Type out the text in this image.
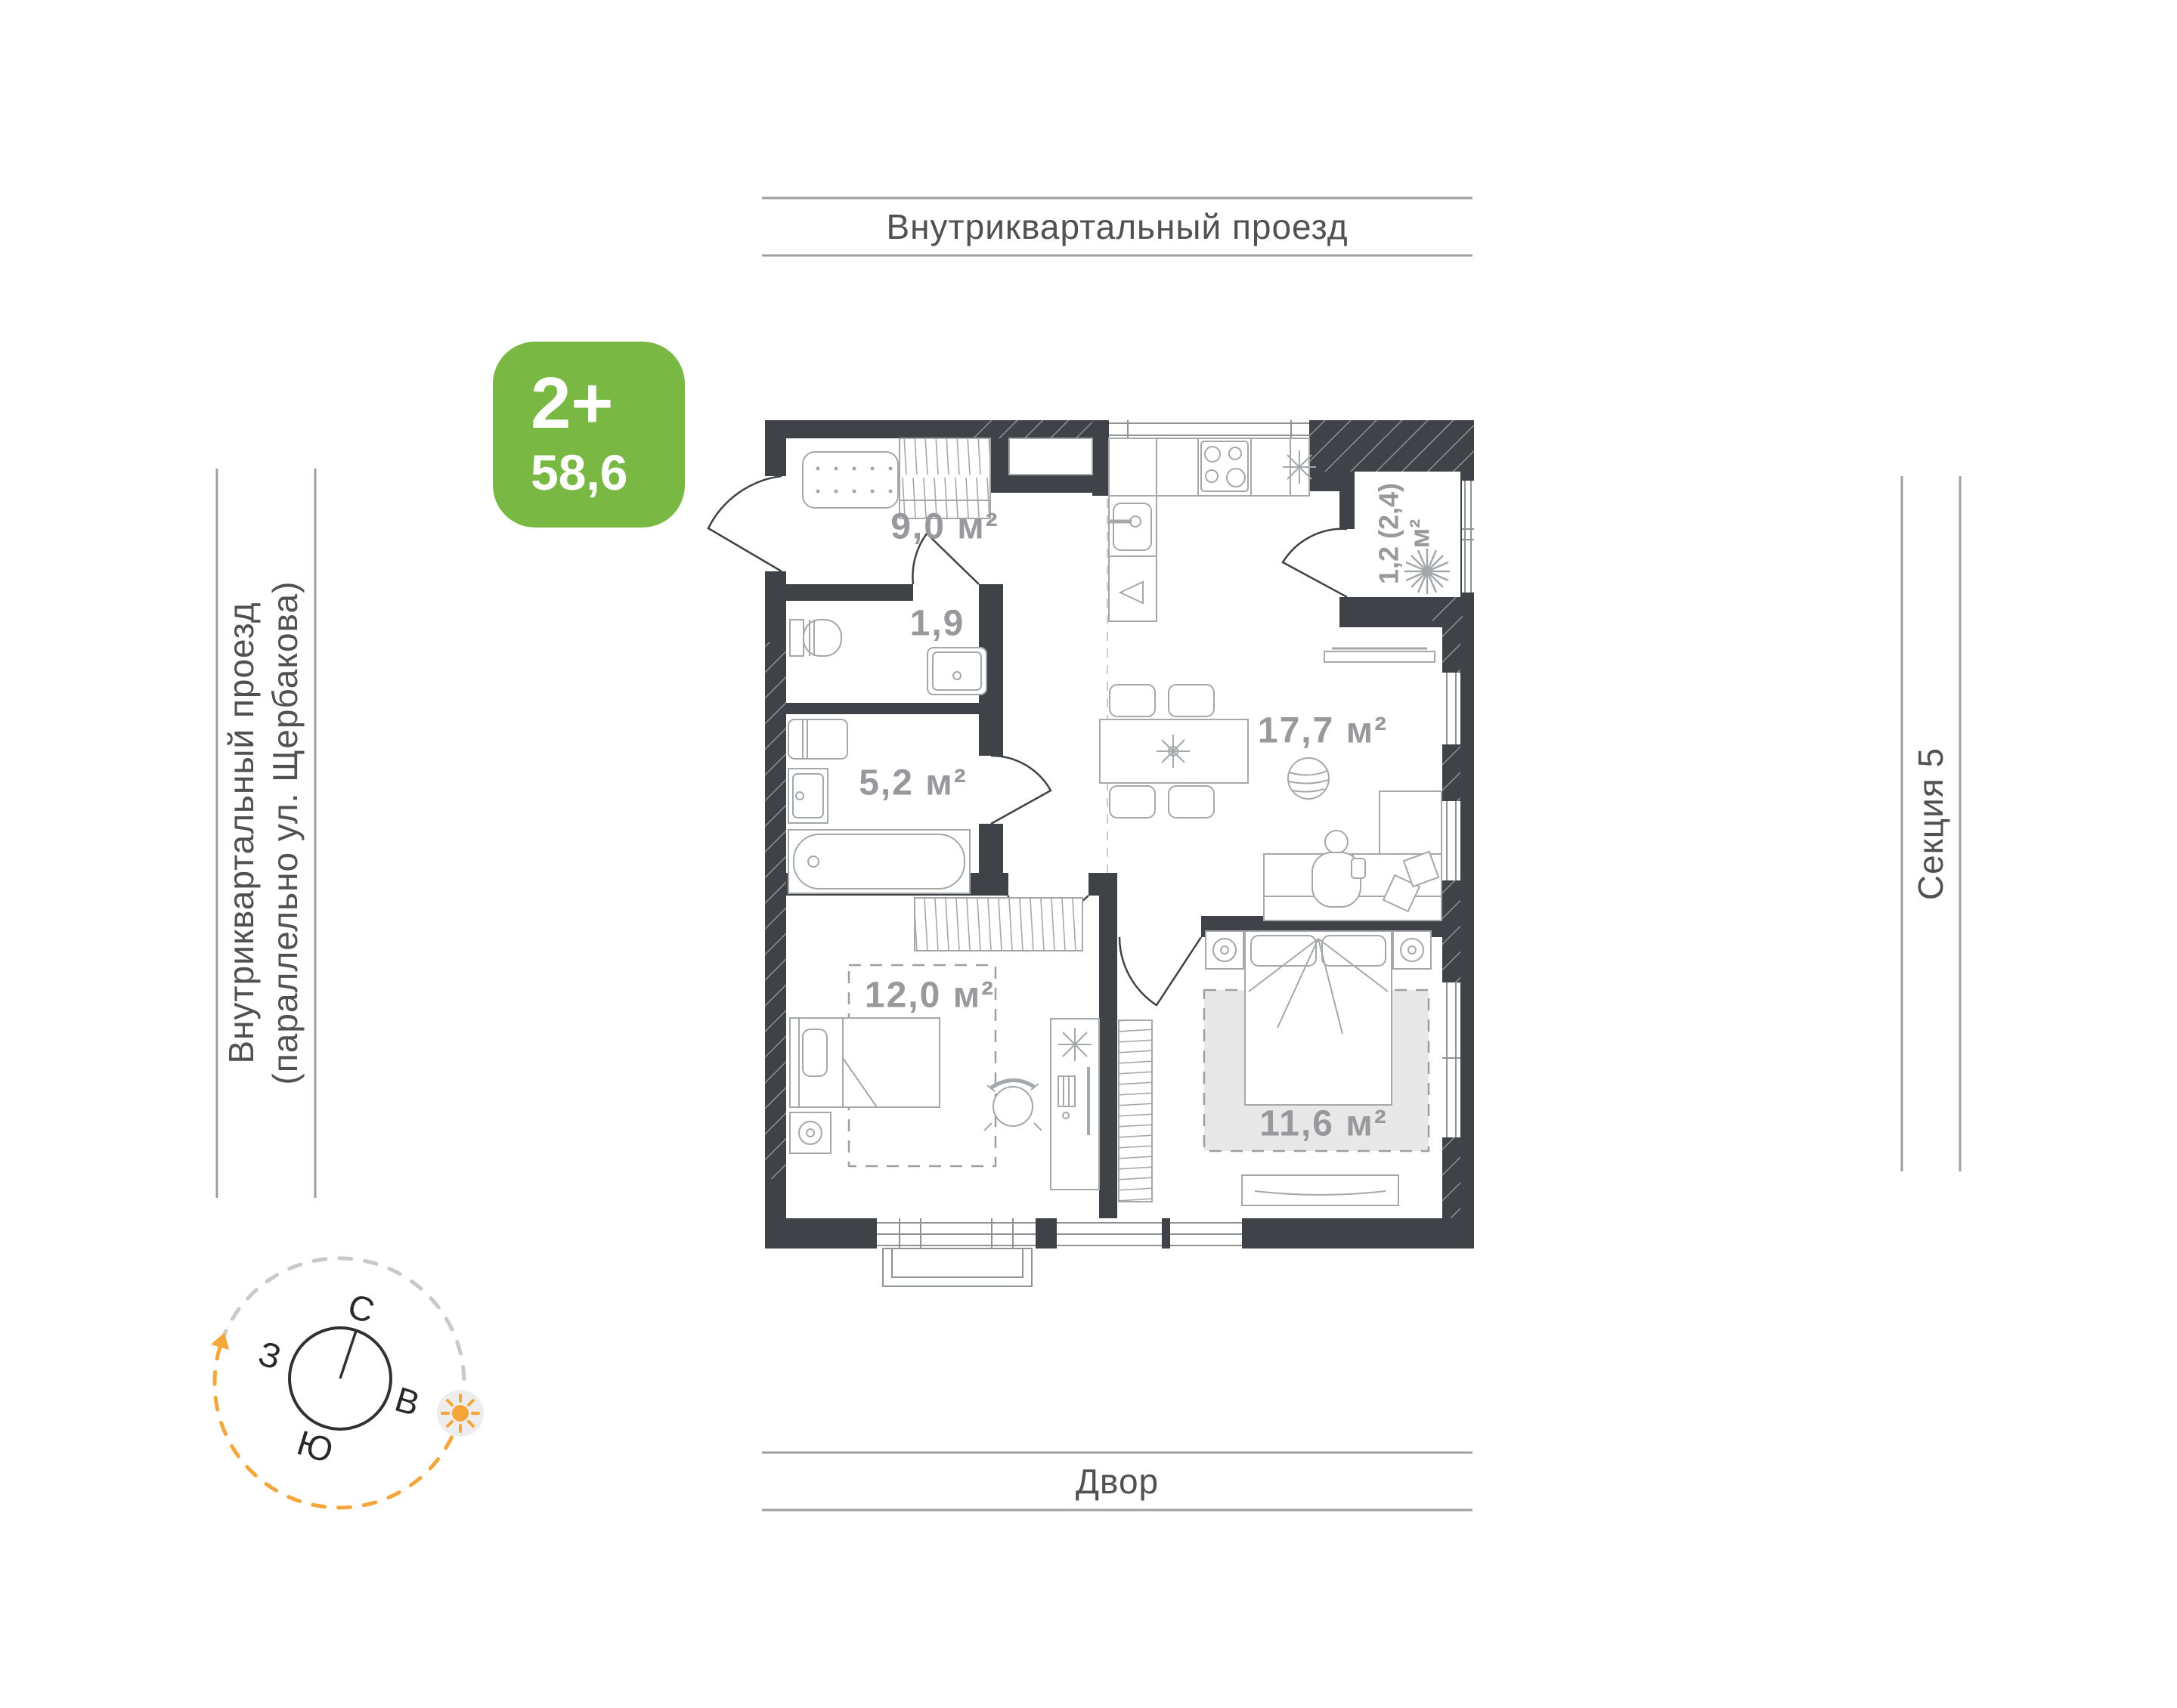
Внутриквартальный проезд
Внутриквартальный проезд (параллельно ул. Щербакова)	Секция 5
Двор
9,0 м²
1,9
5,2 м²
17,7 м²
12,0 м²
11,6 м²
1,2 (2,4) м²
2+
58,6
С
В
Ю
З
